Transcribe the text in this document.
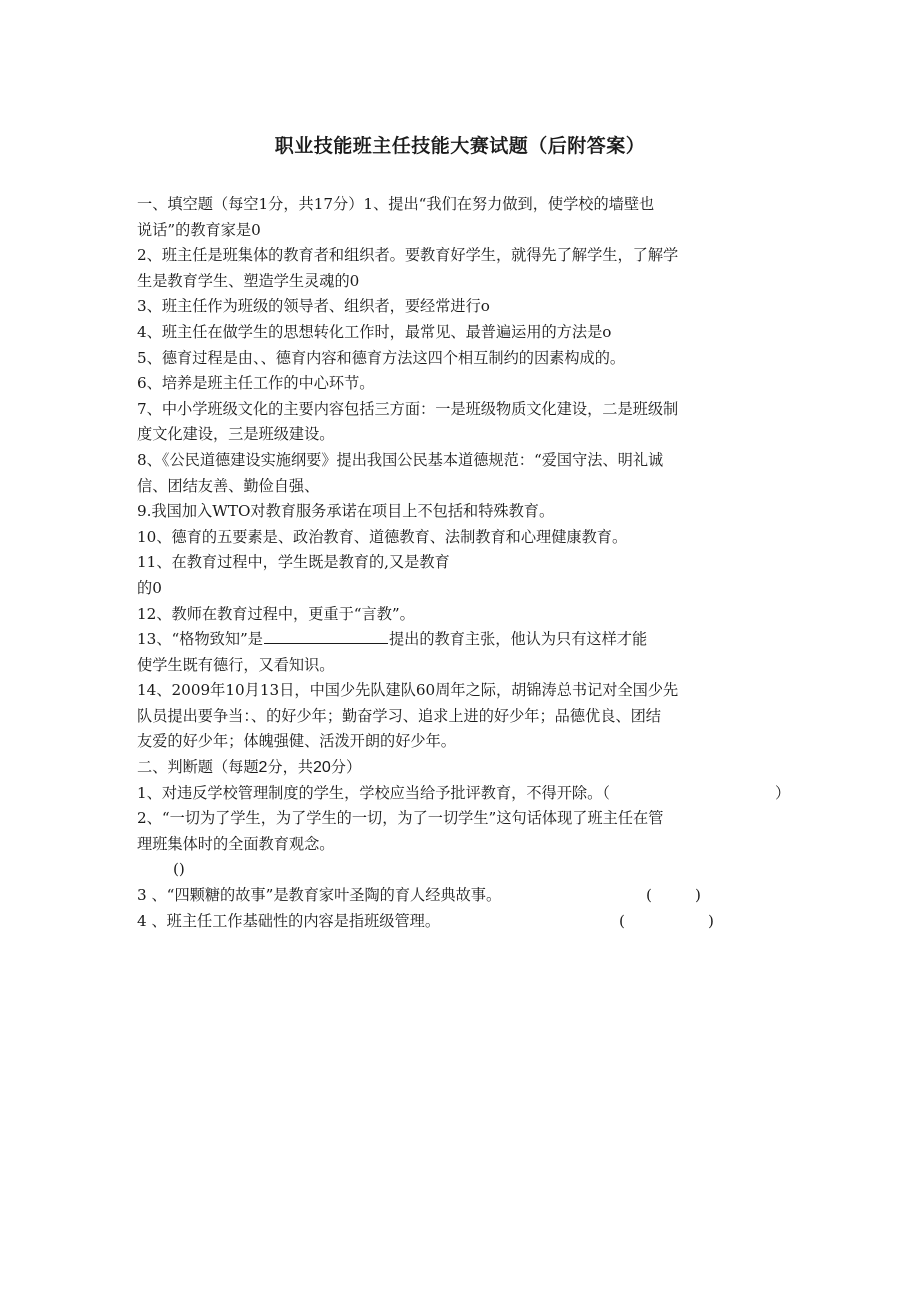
职业技能班主任技能大赛试题（后附答案）
一、填空题（每空1分，共17分）1、提出“我们在努力做到，使学校的墙壁也
说话”的教育家是0
2、班主任是班集体的教育者和组织者。要教育好学生，就得先了解学生，了解学
生是教育学生、塑造学生灵魂的0
3、班主任作为班级的领导者、组织者，要经常进行o
4、班主任在做学生的思想转化工作时，最常见、最普遍运用的方法是o
5、德育过程是由、、德育内容和德育方法这四个相互制约的因素构成的。
6、培养是班主任工作的中心环节。
7、中小学班级文化的主要内容包括三方面：一是班级物质文化建设，二是班级制
度文化建设，三是班级建设。
8、《公民道德建设实施纲要》提出我国公民基本道德规范：“爱国守法、明礼诚
信、团结友善、勤俭自强、
9.我国加入WTO对教育服务承诺在项目上不包括和特殊教育。
10、德育的五要素是、政治教育、道德教育、法制教育和心理健康教育。
11、在教育过程中，学生既是教育的,又是教育
的0
12、教师在教育过程中，更重于“言教”。
13、“格物致知”是	提出的教育主张，他认为只有这样才能
使学生既有德行，又看知识。
14、2009年10月13日，中国少先队建队60周年之际，胡锦涛总书记对全国少先
队员提出要争当：、的好少年；勤奋学习、追求上进的好少年；品德优良、团结
友爱的好少年；体魄强健、活泼开朗的好少年。
二、判断题（每题2分，共20分）
1、对违反学校管理制度的学生，学校应当给予批评教育，不得开除。（	）
2、“一切为了学生，为了学生的一切，为了一切学生”这句话体现了班主任在管
理班集体时的全面教育观念。
()
3 、“四颗糖的故事”是教育家叶圣陶的育人经典故事。	(	)
4 、班主任工作基础性的内容是指班级管理。	(	)
